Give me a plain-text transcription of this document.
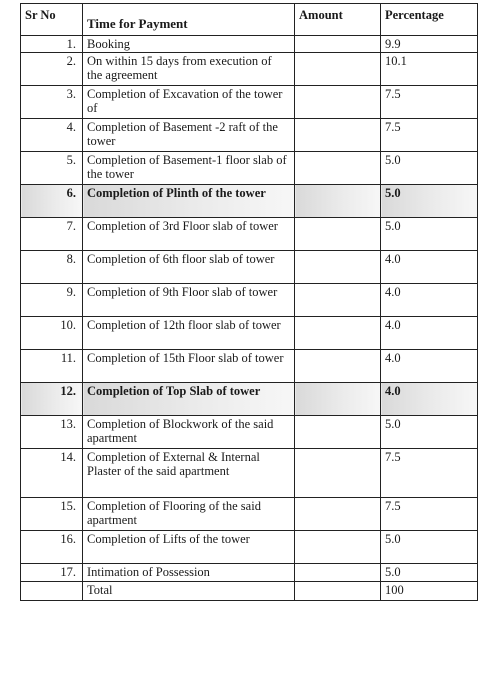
Sr No	Time for Payment	Amount	Percentage
1.	Booking		9.9
2.	On within 15 days from execution of the agreement		10.1
3.	Completion of Excavation of the tower of		7.5
4.	Completion of Basement -2 raft of the tower		7.5
5.	Completion of Basement-1 floor slab of the tower		5.0
6.	Completion of Plinth of the tower		5.0
7.	Completion of 3rd Floor slab of tower		5.0
8.	Completion of 6th floor slab of tower		4.0
9.	Completion of 9th Floor slab of tower		4.0
10.	Completion of 12th floor slab of tower		4.0
11.	Completion of 15th Floor slab of tower		4.0
12.	Completion of Top Slab of tower		4.0
13.	Completion of Blockwork of the said apartment		5.0
14.	Completion of External & Internal Plaster of the said apartment		7.5
15.	Completion of Flooring of the said apartment		7.5
16.	Completion of Lifts of the tower		5.0
17.	Intimation of Possession		5.0
	Total		100
